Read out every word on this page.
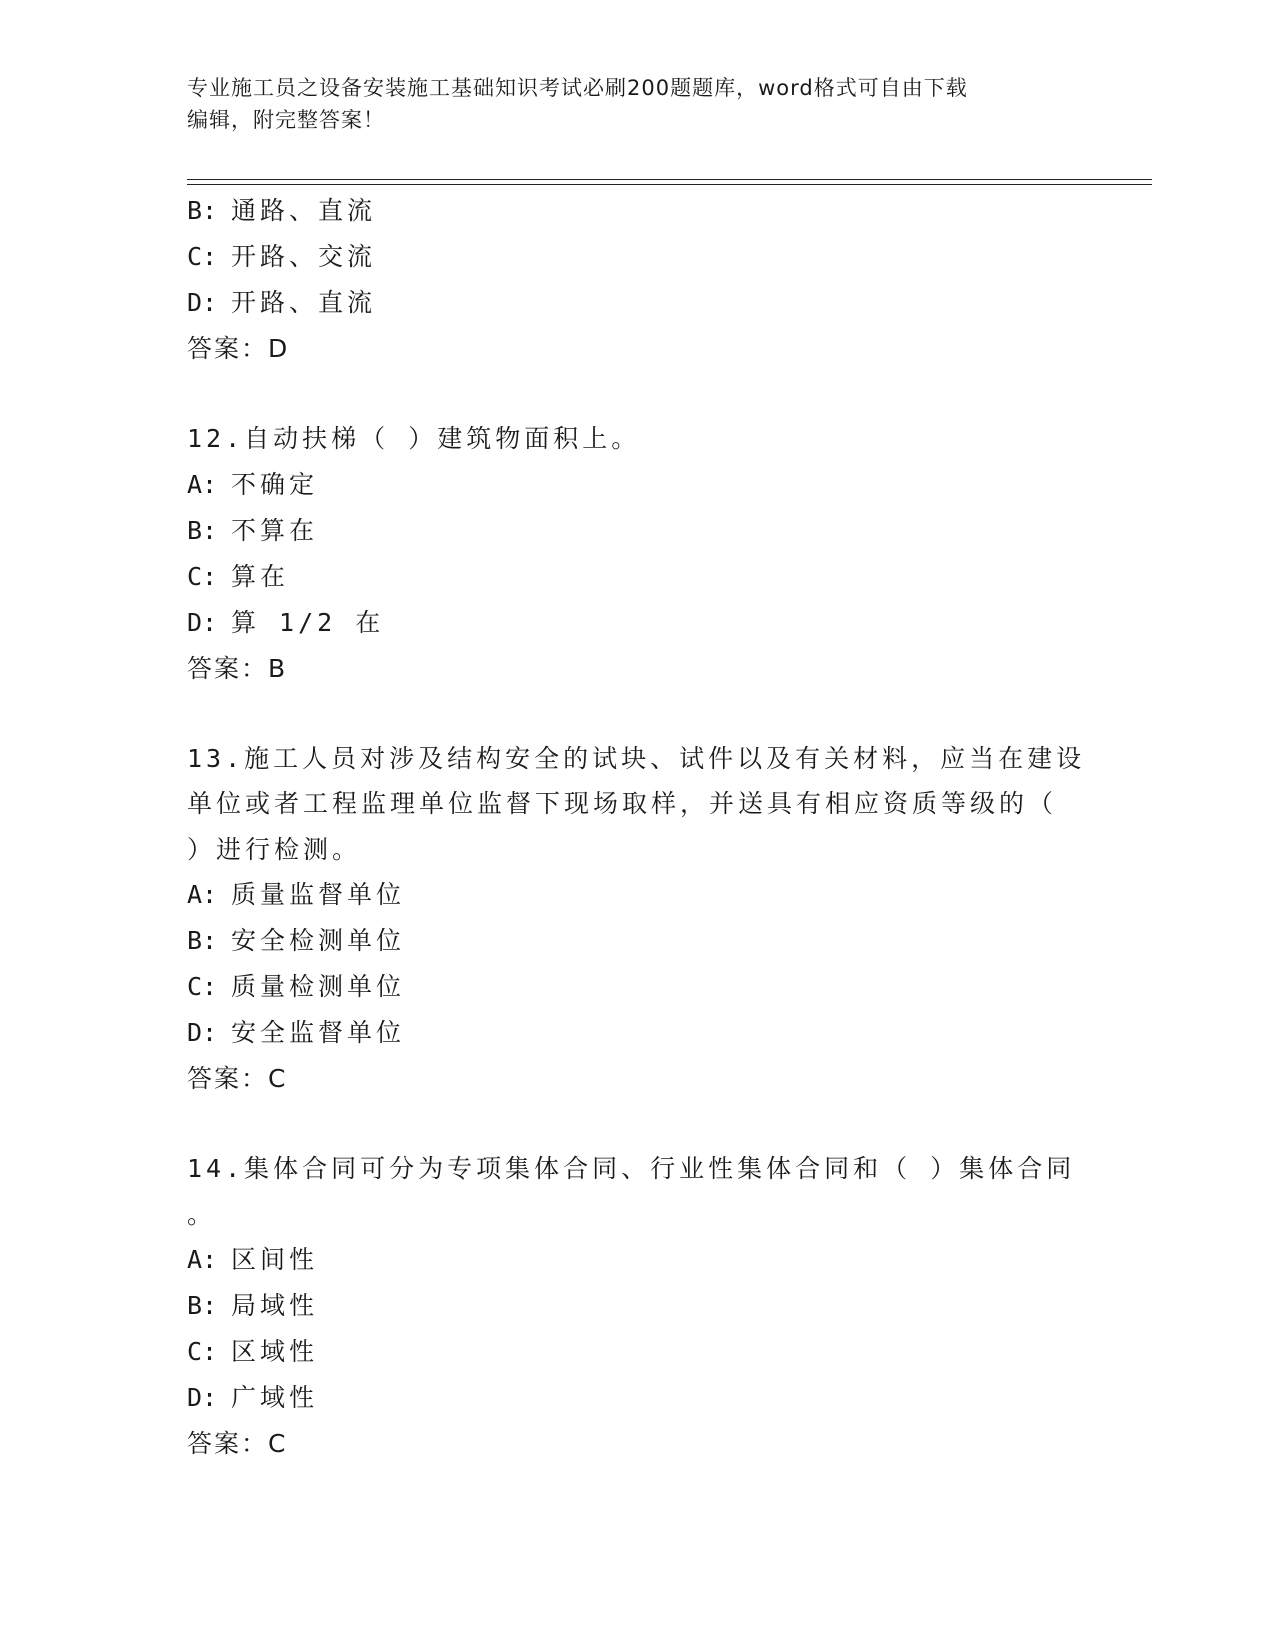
专业施工员之设备安装施工基础知识考试必刷200题题库，word格式可自由下载
编辑，附完整答案！
B: 通路、直流
C: 开路、交流
D: 开路、直流
答案：D
12.自动扶梯（ ）建筑物面积上。
A: 不确定
B: 不算在
C: 算在
D: 算 1/2 在
答案：B
13.施工人员对涉及结构安全的试块、试件以及有关材料，应当在建设
单位或者工程监理单位监督下现场取样，并送具有相应资质等级的（
）进行检测。
A: 质量监督单位
B: 安全检测单位
C: 质量检测单位
D: 安全监督单位
答案：C
14.集体合同可分为专项集体合同、行业性集体合同和（ ）集体合同
。
A: 区间性
B: 局域性
C: 区域性
D: 广域性
答案：C
